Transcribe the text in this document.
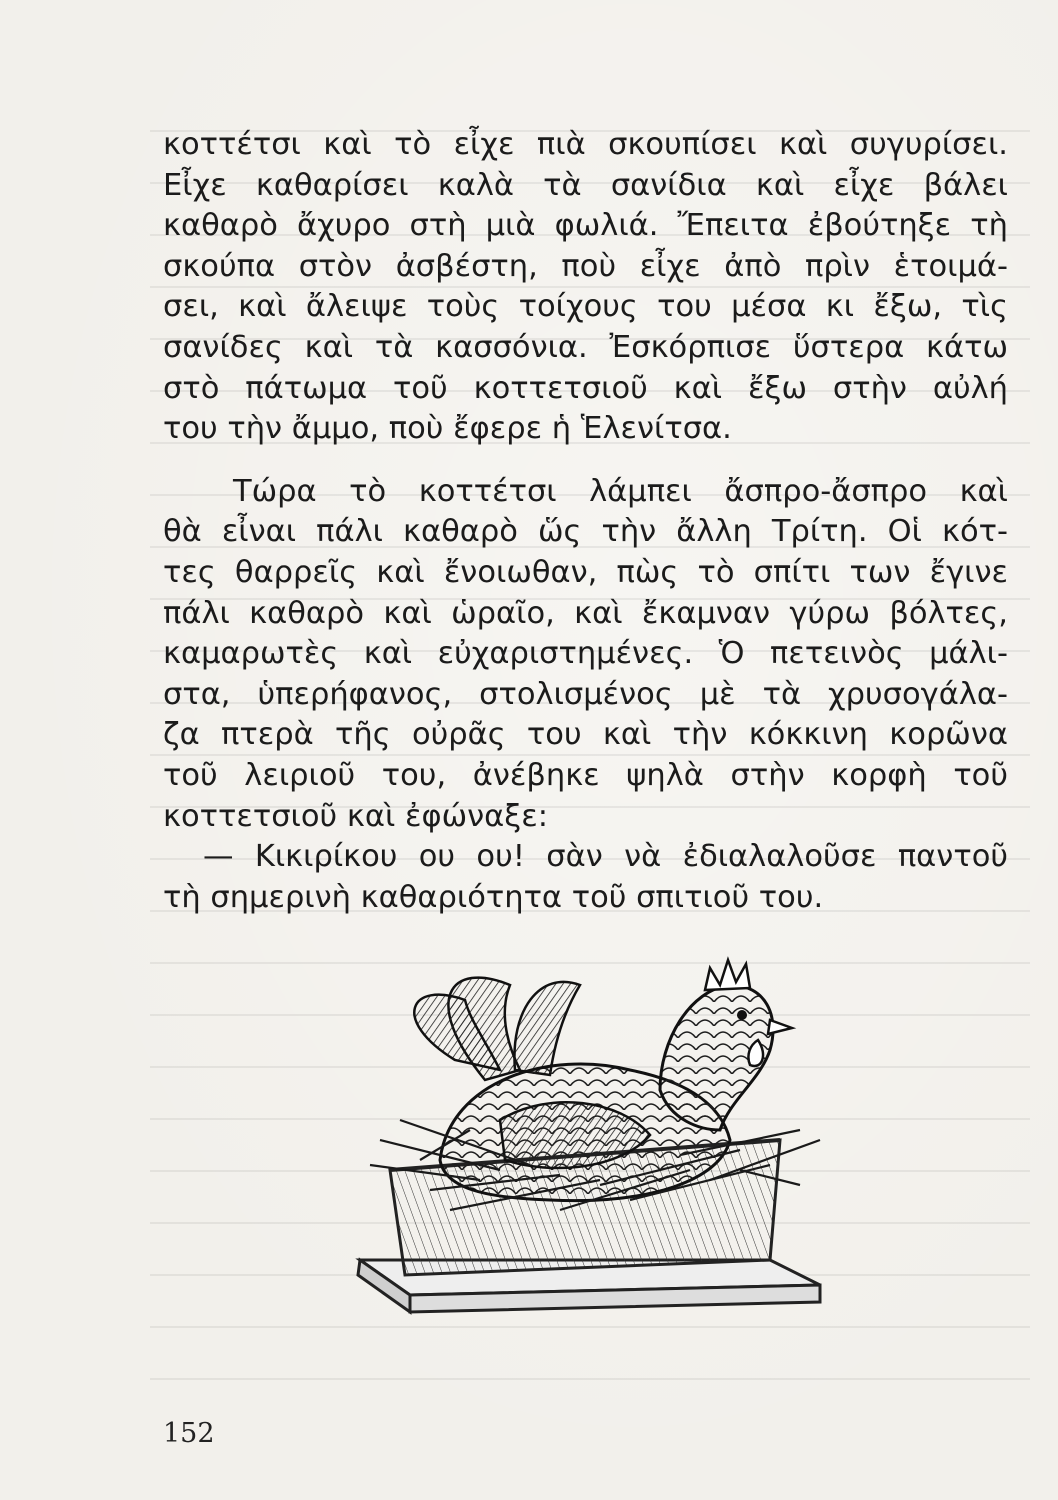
κοττέτσι καὶ τὸ εἶχε πιὰ σκουπίσει καὶ συγυρίσει.
Εἶχε καθαρίσει καλὰ τὰ σανίδια καὶ εἶχε βάλει
καθαρὸ ἄχυρο στὴ μιὰ φωλιά. Ἔπειτα ἐβούτηξε τὴ
σκούπα στὸν ἀσβέστη, ποὺ εἶχε ἀπὸ πρὶν ἑτοιμά-
σει, καὶ ἄλειψε τοὺς τοίχους του μέσα κι ἔξω, τὶς
σανίδες καὶ τὰ κασσόνια. Ἐσκόρπισε ὕστερα κάτω
στὸ πάτωμα τοῦ κοττετσιοῦ καὶ ἔξω στὴν αὐλή
του τὴν ἄμμο, ποὺ ἔφερε ἡ Ἑλενίτσα.
Τώρα τὸ κοττέτσι λάμπει ἄσπρο-ἄσπρο καὶ
θὰ εἶναι πάλι καθαρὸ ὥς τὴν ἄλλη Τρίτη. Οἱ κότ-
τες θαρρεῖς καὶ ἔνοιωθαν, πὼς τὸ σπίτι των ἔγινε
πάλι καθαρὸ καὶ ὡραῖο, καὶ ἔκαμναν γύρω βόλτες,
καμαρωτὲς καὶ εὐχαριστημένες. Ὁ πετεινὸς μάλι-
στα, ὑπερήφανος, στολισμένος μὲ τὰ χρυσογάλα-
ζα πτερὰ τῆς οὐρᾶς του καὶ τὴν κόκκινη κορῶνα
τοῦ λειριοῦ του, ἀνέβηκε ψηλὰ στὴν κορφὴ τοῦ
κοττετσιοῦ καὶ ἐφώναξε:
— Κικιρίκου ου ου! σὰν νὰ ἐδιαλαλοῦσε παντοῦ
τὴ σημερινὴ καθαριότητα τοῦ σπιτιοῦ του.
152
